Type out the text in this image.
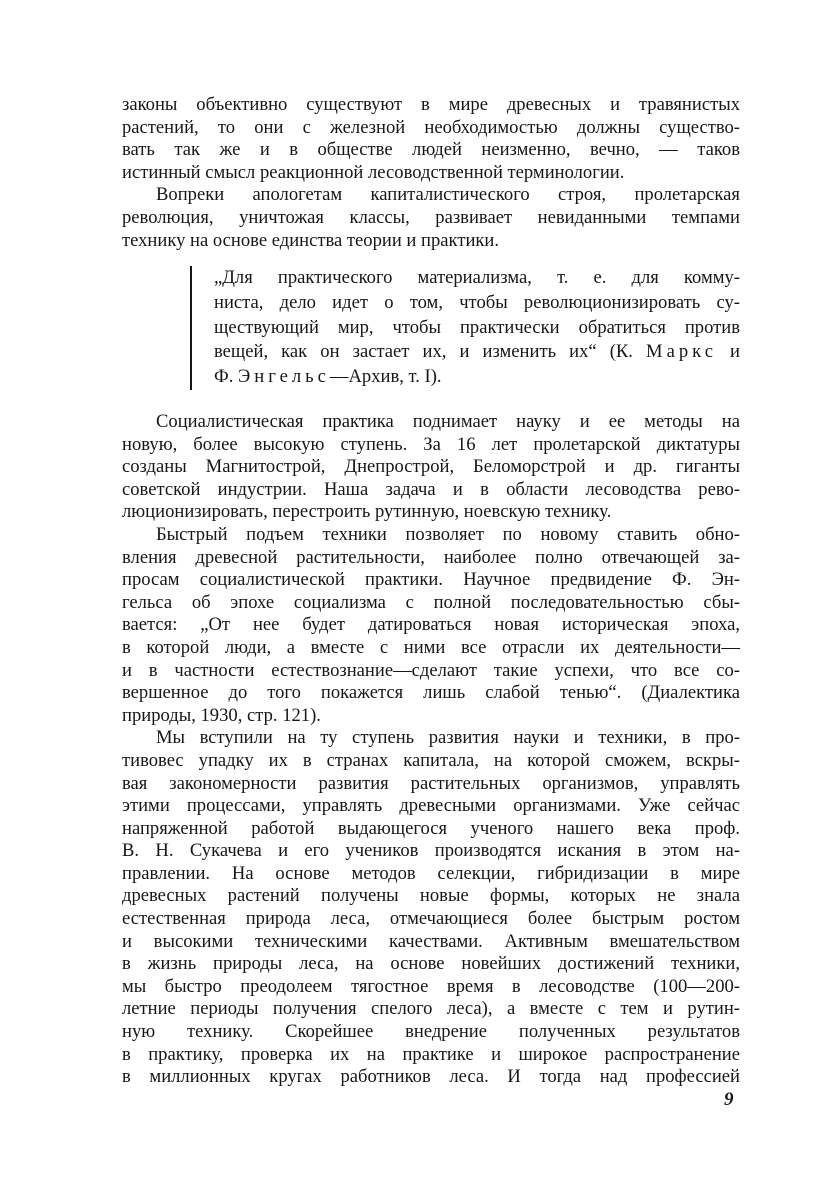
законы объективно существуют в мире древесных и травянистых
растений, то они с железной необходимостью должны существо-
вать так же и в обществе людей неизменно, вечно, — таков
истинный смысл реакционной лесоводственной терминологии.
Вопреки апологетам капиталистического строя, пролетарская
революция, уничтожая классы, развивает невиданными темпами
технику на основе единства теории и практики.
„Для практического материализма, т. е. для комму-
ниста, дело идет о том, чтобы революционизировать су-
ществующий мир, чтобы практически обратиться против
вещей, как он застает их, и изменить их“ (К. Маркс и
Ф. Энгельс—Архив, т. I).
Социалистическая практика поднимает науку и ее методы на
новую, более высокую ступень. За 16 лет пролетарской диктатуры
созданы Магнитострой, Днепрострой, Беломорстрой и др. гиганты
советской индустрии. Наша задача и в области лесоводства рево-
люционизировать, перестроить рутинную, ноевскую технику.
Быстрый подъем техники позволяет по новому ставить обно-
вления древесной растительности, наиболее полно отвечающей за-
просам социалистической практики. Научное предвидение Ф. Эн-
гельса об эпохе социализма с полной последовательностью сбы-
вается: „От нее будет датироваться новая историческая эпоха,
в которой люди, а вместе с ними все отрасли их деятельности—
и в частности естествознание—сделают такие успехи, что все со-
вершенное до того покажется лишь слабой тенью“. (Диалектика
природы, 1930, стр. 121).
Мы вступили на ту ступень развития науки и техники, в про-
тивовес упадку их в странах капитала, на которой сможем, вскры-
вая закономерности развития растительных организмов, управлять
этими процессами, управлять древесными организмами. Уже сейчас
напряженной работой выдающегося ученого нашего века проф.
В. Н. Сукачева и его учеников производятся искания в этом на-
правлении. На основе методов селекции, гибридизации в мире
древесных растений получены новые формы, которых не знала
естественная природа леса, отмечающиеся более быстрым ростом
и высокими техническими качествами. Активным вмешательством
в жизнь природы леса, на основе новейших достижений техники,
мы быстро преодолеем тягостное время в лесоводстве (100—200-
летние периоды получения спелого леса), а вместе с тем и рутин-
ную технику. Скорейшее внедрение полученных результатов
в практику, проверка их на практике и широкое распространение
в миллионных кругах работников леса. И тогда над профессией
9
